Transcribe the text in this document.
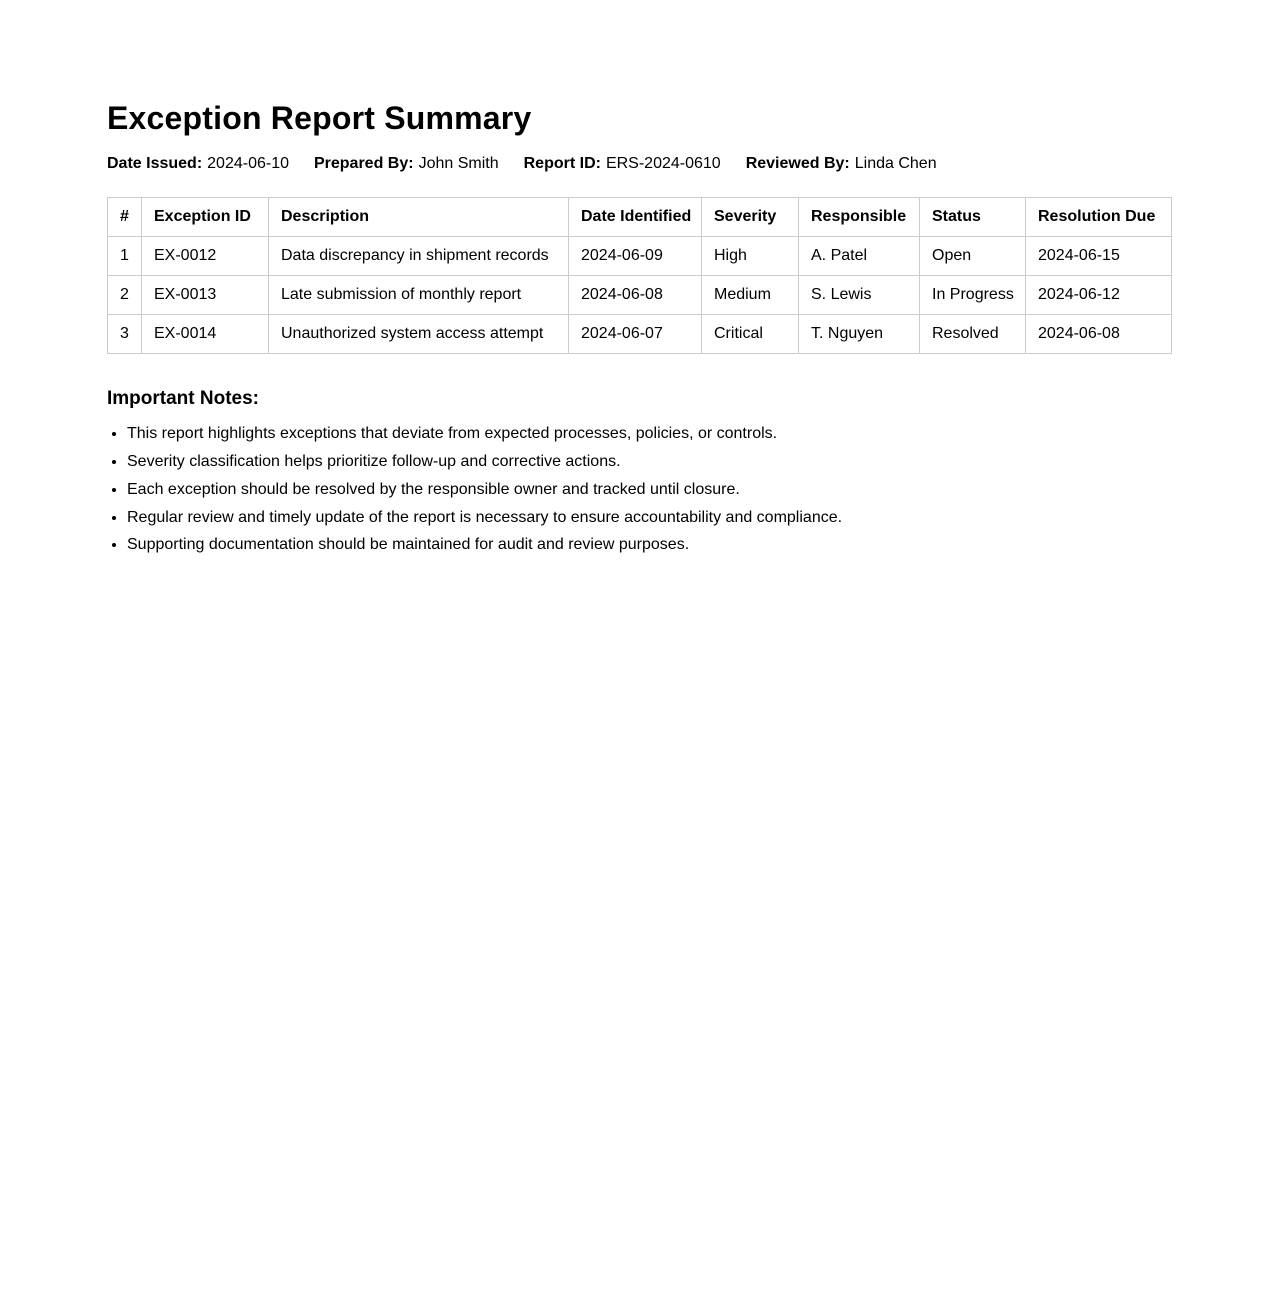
Exception Report Summary
Date Issued: 2024-06-10 Prepared By: John Smith Report ID: ERS-2024-0610 Reviewed By: Linda Chen
#	Exception ID	Description	Date Identified	Severity	Responsible	Status	Resolution Due
1	EX-0012	Data discrepancy in shipment records	2024-06-09	High	A. Patel	Open	2024-06-15
2	EX-0013	Late submission of monthly report	2024-06-08	Medium	S. Lewis	In Progress	2024-06-12
3	EX-0014	Unauthorized system access attempt	2024-06-07	Critical	T. Nguyen	Resolved	2024-06-08
Important Notes:
• This report highlights exceptions that deviate from expected processes, policies, or controls.
• Severity classification helps prioritize follow-up and corrective actions.
• Each exception should be resolved by the responsible owner and tracked until closure.
• Regular review and timely update of the report is necessary to ensure accountability and compliance.
• Supporting documentation should be maintained for audit and review purposes.
